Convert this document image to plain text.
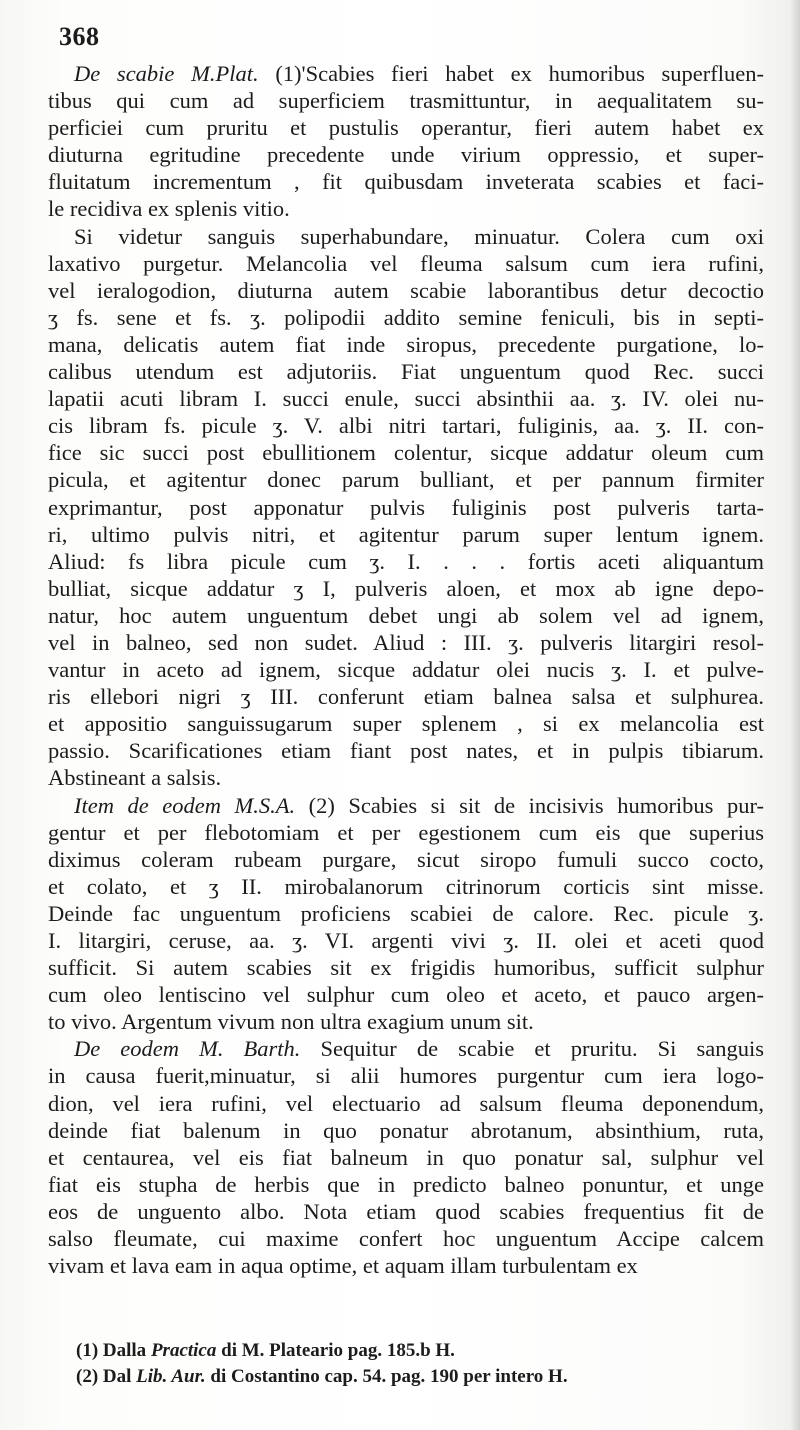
368
De scabie M.Plat. (1)'Scabies fieri habet ex humoribus superfluen-
tibus qui cum ad superficiem trasmittuntur, in aequalitatem su-
perficiei cum pruritu et pustulis operantur, fieri autem habet ex
diuturna egritudine precedente unde virium oppressio, et super-
fluitatum incrementum , fit quibusdam inveterata scabies et faci-
le recidiva ex splenis vitio.
Si videtur sanguis superhabundare, minuatur. Colera cum oxi
laxativo purgetur. Melancolia vel fleuma salsum cum iera rufini,
vel ieralogodion, diuturna autem scabie laborantibus detur decoctio
ʒ fs. sene et fs. ʒ. polipodii addito semine feniculi, bis in septi-
mana, delicatis autem fiat inde siropus, precedente purgatione, lo-
calibus utendum est adjutoriis. Fiat unguentum quod Rec. succi
lapatii acuti libram I. succi enule, succi absinthii aa. ʒ. IV. olei nu-
cis libram fs. picule ʒ. V. albi nitri tartari, fuliginis, aa. ʒ. II. con-
fice sic succi post ebullitionem colentur, sicque addatur oleum cum
picula, et agitentur donec parum bulliant, et per pannum firmiter
exprimantur, post apponatur pulvis fuliginis post pulveris tarta-
ri, ultimo pulvis nitri, et agitentur parum super lentum ignem.
Aliud: fs libra picule cum ʒ. I. . . . fortis aceti aliquantum
bulliat, sicque addatur ʒ I, pulveris aloen, et mox ab igne depo-
natur, hoc autem unguentum debet ungi ab solem vel ad ignem,
vel in balneo, sed non sudet. Aliud : III. ʒ. pulveris litargiri resol-
vantur in aceto ad ignem, sicque addatur olei nucis ʒ. I. et pulve-
ris ellebori nigri ʒ III. conferunt etiam balnea salsa et sulphurea.
et appositio sanguissugarum super splenem , si ex melancolia est
passio. Scarificationes etiam fiant post nates, et in pulpis tibiarum.
Abstineant a salsis.
Item de eodem M.S.A. (2) Scabies si sit de incisivis humoribus pur-
gentur et per flebotomiam et per egestionem cum eis que superius
diximus coleram rubeam purgare, sicut siropo fumuli succo cocto,
et colato, et ʒ II. mirobalanorum citrinorum corticis sint misse.
Deinde fac unguentum proficiens scabiei de calore. Rec. picule ʒ.
I. litargiri, ceruse, aa. ʒ. VI. argenti vivi ʒ. II. olei et aceti quod
sufficit. Si autem scabies sit ex frigidis humoribus, sufficit sulphur
cum oleo lentiscino vel sulphur cum oleo et aceto, et pauco argen-
to vivo. Argentum vivum non ultra exagium unum sit.
De eodem M. Barth. Sequitur de scabie et pruritu. Si sanguis
in causa fuerit,minuatur, si alii humores purgentur cum iera logo-
dion, vel iera rufini, vel electuario ad salsum fleuma deponendum,
deinde fiat balenum in quo ponatur abrotanum, absinthium, ruta,
et centaurea, vel eis fiat balneum in quo ponatur sal, sulphur vel
fiat eis stupha de herbis que in predicto balneo ponuntur, et unge
eos de unguento albo. Nota etiam quod scabies frequentius fit de
salso fleumate, cui maxime confert hoc unguentum Accipe calcem
vivam et lava eam in aqua optime, et aquam illam turbulentam ex
(1) Dalla Practica di M. Plateario pag. 185.b H.
(2) Dal Lib. Aur. di Costantino cap. 54. pag. 190 per intero H.
